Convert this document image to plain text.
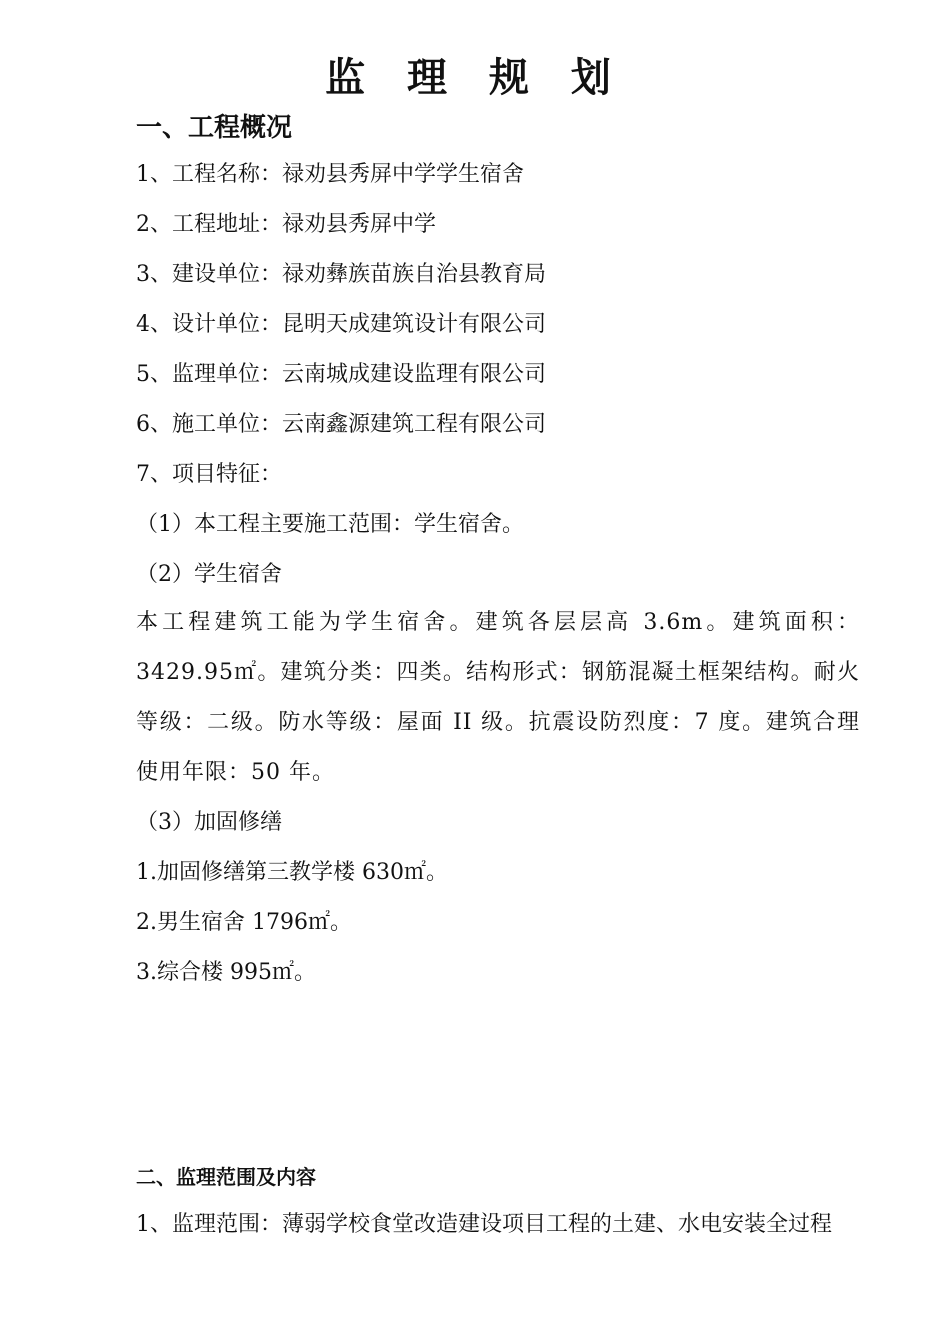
监 理 规 划
一、工程概况
1、工程名称：禄劝县秀屏中学学生宿舍
2、工程地址：禄劝县秀屏中学
3、建设单位：禄劝彝族苗族自治县教育局
4、设计单位：昆明天成建筑设计有限公司
5、监理单位：云南城成建设监理有限公司
6、施工单位：云南鑫源建筑工程有限公司
7、项目特征：
（1）本工程主要施工范围：学生宿舍。
（2）学生宿舍
本工程建筑工能为学生宿舍。建筑各层层高 3.6m。建筑面积：3429.95㎡。建筑分类：四类。结构形式：钢筋混凝土框架结构。耐火等级：二级。防水等级：屋面 II 级。抗震设防烈度：7 度。建筑合理使用年限：50 年。
（3）加固修缮
1.加固修缮第三教学楼 630㎡。
2.男生宿舍 1796㎡。
3.综合楼 995㎡。
二、监理范围及内容
1、监理范围：薄弱学校食堂改造建设项目工程的土建、水电安装全过程
